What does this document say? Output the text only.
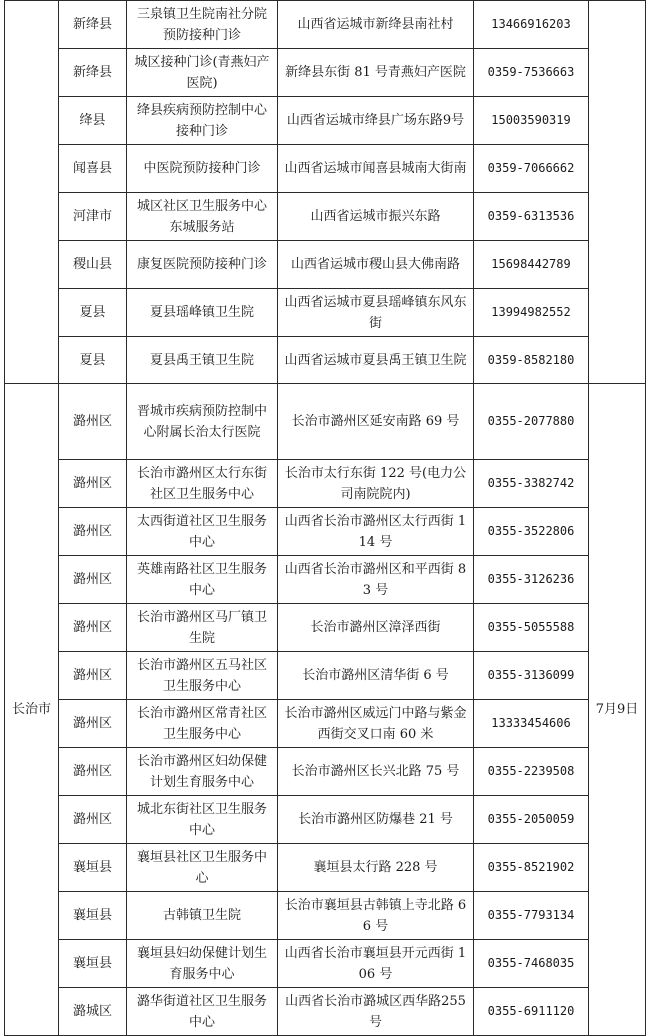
	新绛县	三泉镇卫生院南社分院预防接种门诊	山西省运城市新绛县南社村	13466916203	
	新绛县	城区接种门诊(青燕妇产医院)	新绛县东街 81 号青燕妇产医院	0359-7536663	
	绛县	绛县疾病预防控制中心接种门诊	山西省运城市绛县广场东路9号	15003590319	
	闻喜县	中医院预防接种门诊	山西省运城市闻喜县城南大街南	0359-7066662	
	河津市	城区社区卫生服务中心东城服务站	山西省运城市振兴东路	0359-6313536	
	稷山县	康复医院预防接种门诊	山西省运城市稷山县大佛南路	15698442789	
	夏县	夏县瑶峰镇卫生院	山西省运城市夏县瑶峰镇东风东街	13994982552	
	夏县	夏县禹王镇卫生院	山西省运城市夏县禹王镇卫生院	0359-8582180	
长治市	潞州区	晋城市疾病预防控制中心附属长治太行医院	长治市潞州区延安南路 69 号	0355-2077880	7月9日
	潞州区	长治市潞州区太行东街社区卫生服务中心	长治市太行东街 122 号(电力公司南院院内)	0355-3382742	
	潞州区	太西街道社区卫生服务中心	山西省长治市潞州区太行西街 114 号	0355-3522806	
	潞州区	英雄南路社区卫生服务中心	山西省长治市潞州区和平西街 83 号	0355-3126236	
	潞州区	长治市潞州区马厂镇卫生院	长治市潞州区漳泽西街	0355-5055588	
	潞州区	长治市潞州区五马社区卫生服务中心	长治市潞州区清华街 6 号	0355-3136099	
	潞州区	长治市潞州区常青社区卫生服务中心	长治市潞州区威远门中路与紫金西街交叉口南 60 米	13333454606	
	潞州区	长治市潞州区妇幼保健计划生育服务中心	长治市潞州区长兴北路 75 号	0355-2239508	
	潞州区	城北东街社区卫生服务中心	长治市潞州区防爆巷 21 号	0355-2050059	
	襄垣县	襄垣县社区卫生服务中心	襄垣县太行路 228 号	0355-8521902	
	襄垣县	古韩镇卫生院	长治市襄垣县古韩镇上寺北路 66 号	0355-7793134	
	襄垣县	襄垣县妇幼保健计划生育服务中心	山西省长治市襄垣县开元西街 106 号	0355-7468035	
	潞城区	潞华街道社区卫生服务中心	山西省长治市潞城区西华路255 号	0355-6911120	
